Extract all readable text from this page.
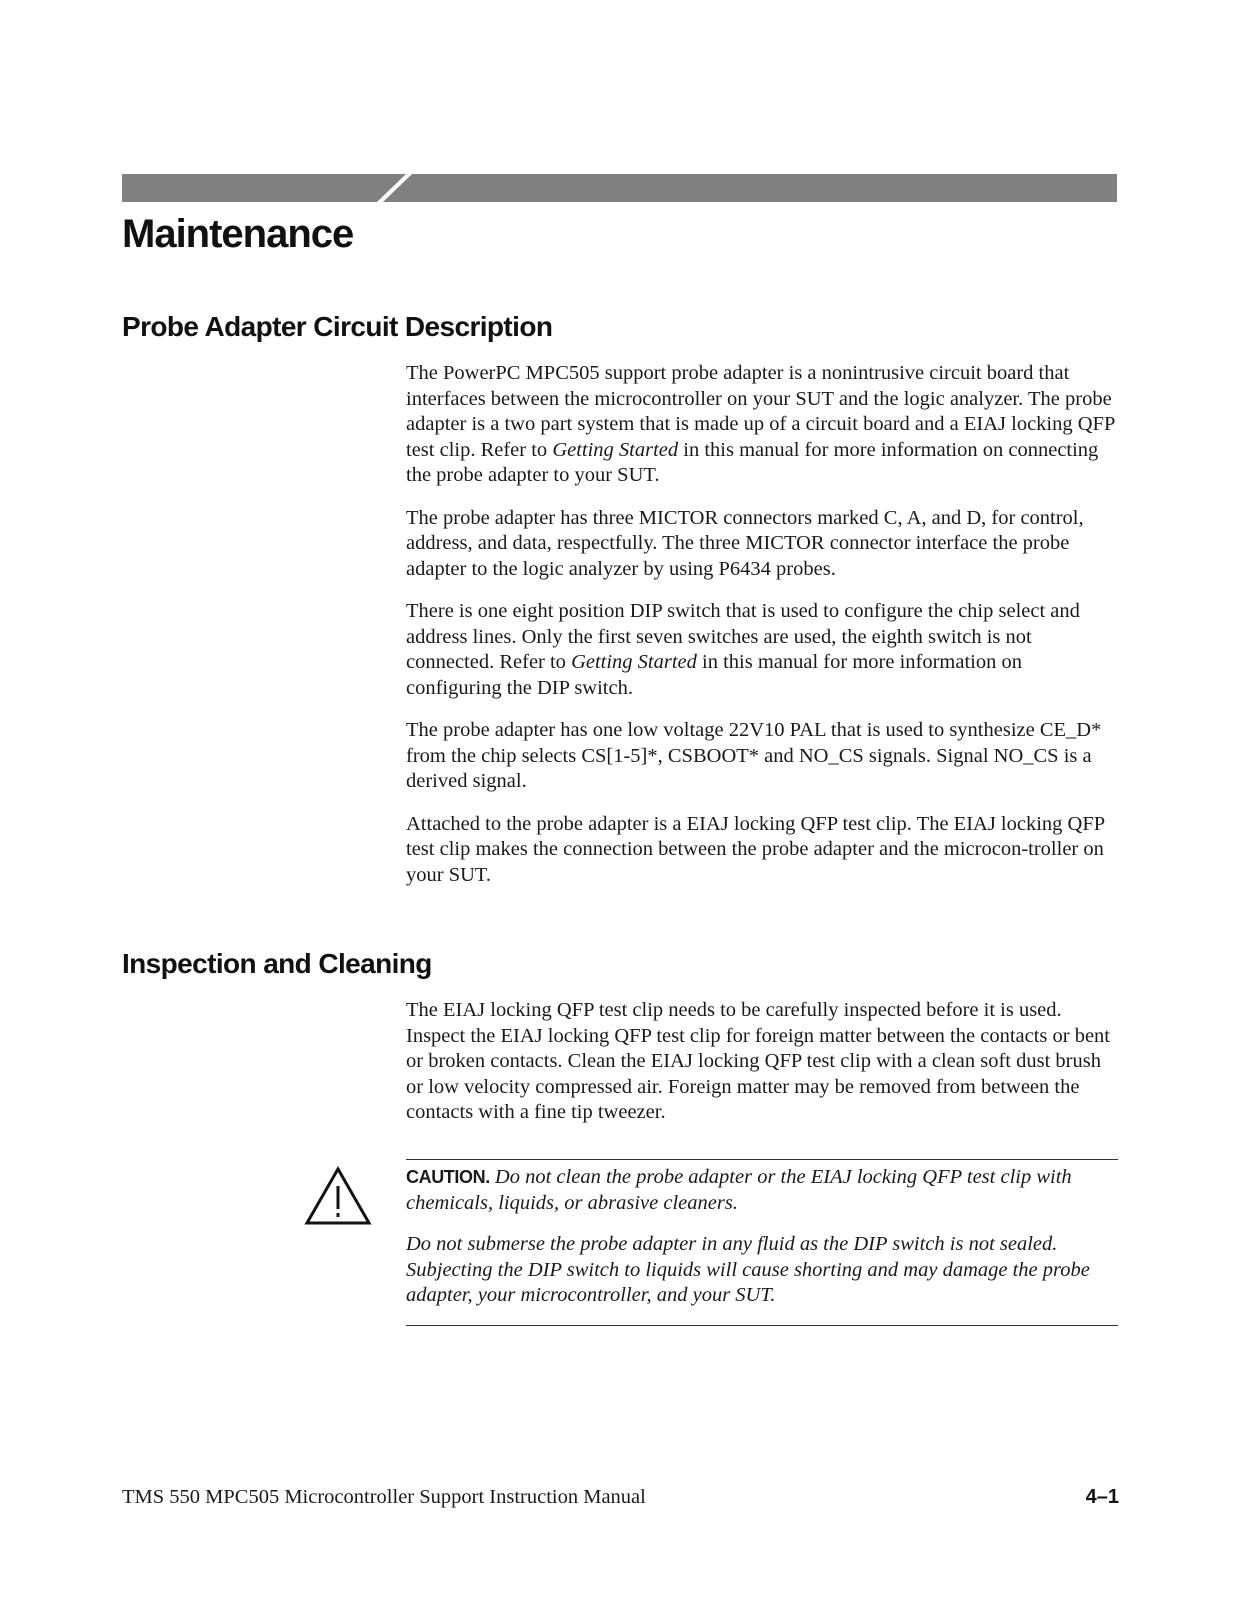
Maintenance
Probe Adapter Circuit Description

The PowerPC MPC505 support probe adapter is a nonintrusive circuit board that interfaces between the microcontroller on your SUT and the logic analyzer. The probe adapter is a two part system that is made up of a circuit board and a EIAJ locking QFP test clip. Refer to Getting Started in this manual for more information on connecting the probe adapter to your SUT.

The probe adapter has three MICTOR connectors marked C, A, and D, for control, address, and data, respectfully. The three MICTOR connector interface the probe adapter to the logic analyzer by using P6434 probes.

There is one eight position DIP switch that is used to configure the chip select and address lines. Only the first seven switches are used, the eighth switch is not connected. Refer to Getting Started in this manual for more information on configuring the DIP switch.

The probe adapter has one low voltage 22V10 PAL that is used to synthesize CE_D* from the chip selects CS[1-5]*, CSBOOT* and NO_CS signals. Signal NO_CS is a derived signal.

Attached to the probe adapter is a EIAJ locking QFP test clip. The EIAJ locking QFP test clip makes the connection between the probe adapter and the microcon-troller on your SUT.

Inspection and Cleaning

The EIAJ locking QFP test clip needs to be carefully inspected before it is used. Inspect the EIAJ locking QFP test clip for foreign matter between the contacts or bent or broken contacts. Clean the EIAJ locking QFP test clip with a clean soft dust brush or low velocity compressed air. Foreign matter may be removed from between the contacts with a fine tip tweezer.

CAUTION. Do not clean the probe adapter or the EIAJ locking QFP test clip with chemicals, liquids, or abrasive cleaners.

Do not submerse the probe adapter in any fluid as the DIP switch is not sealed. Subjecting the DIP switch to liquids will cause shorting and may damage the probe adapter, your microcontroller, and your SUT.

TMS 550 MPC505 Microcontroller Support Instruction Manual	4–1
